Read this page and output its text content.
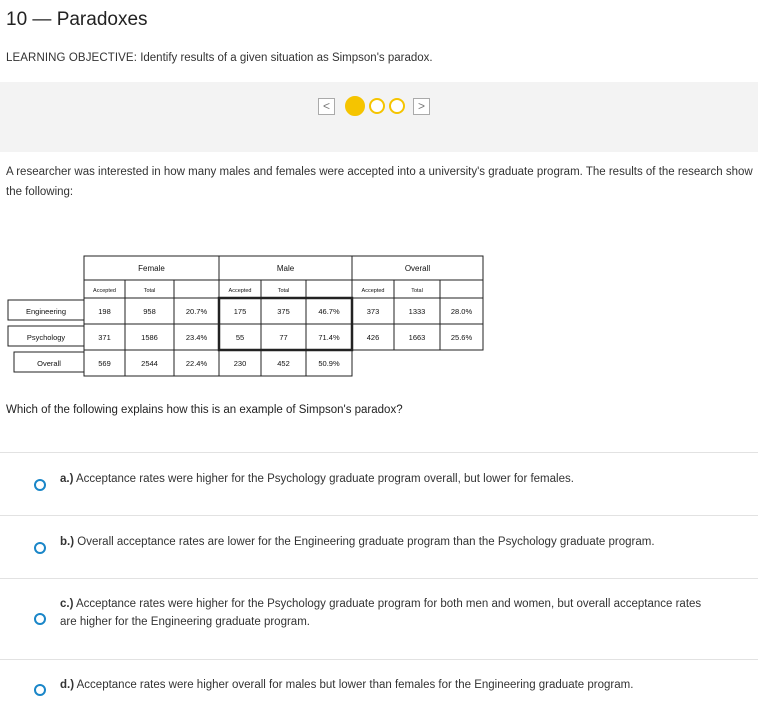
10 — Paradoxes
LEARNING OBJECTIVE: Identify results of a given situation as Simpson's paradox.
<	>
A researcher was interested in how many males and females were accepted into a university's graduate program. The results of the research show the following:
Female	Male	Overall
Accepted	Total	Accepted	Total	Accepted	Total
Engineering	198	958	20.7%	175	375	46.7%	373	1333	28.0%
Psychology	371	1586	23.4%	55	77	71.4%	426	1663	25.6%
Overall	569	2544	22.4%	230	452	50.9%
Which of the following explains how this is an example of Simpson's paradox?
a.) Acceptance rates were higher for the Psychology graduate program overall, but lower for females.
b.) Overall acceptance rates are lower for the Engineering graduate program than the Psychology graduate program.
c.) Acceptance rates were higher for the Psychology graduate program for both men and women, but overall acceptance rates are higher for the Engineering graduate program.
d.) Acceptance rates were higher overall for males but lower than females for the Engineering graduate program.
